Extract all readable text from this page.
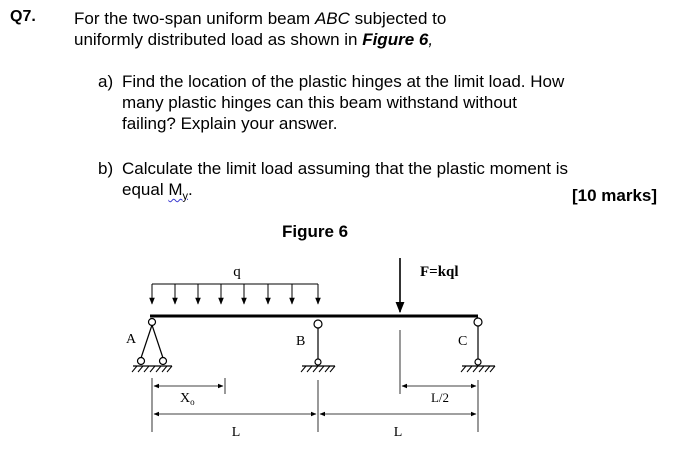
Q7. For the two-span uniform beam ABC subjected to
uniformly distributed load as shown in Figure 6,
a) Find the location of the plastic hinges at the limit load. How many plastic hinges can this beam withstand without failing? Explain your answer.
b) Calculate the limit load assuming that the plastic moment is equal $M_y$.	[10 marks]
Figure 6
q	F=kql
A	B	C
$X_o$
L	L
L/2
